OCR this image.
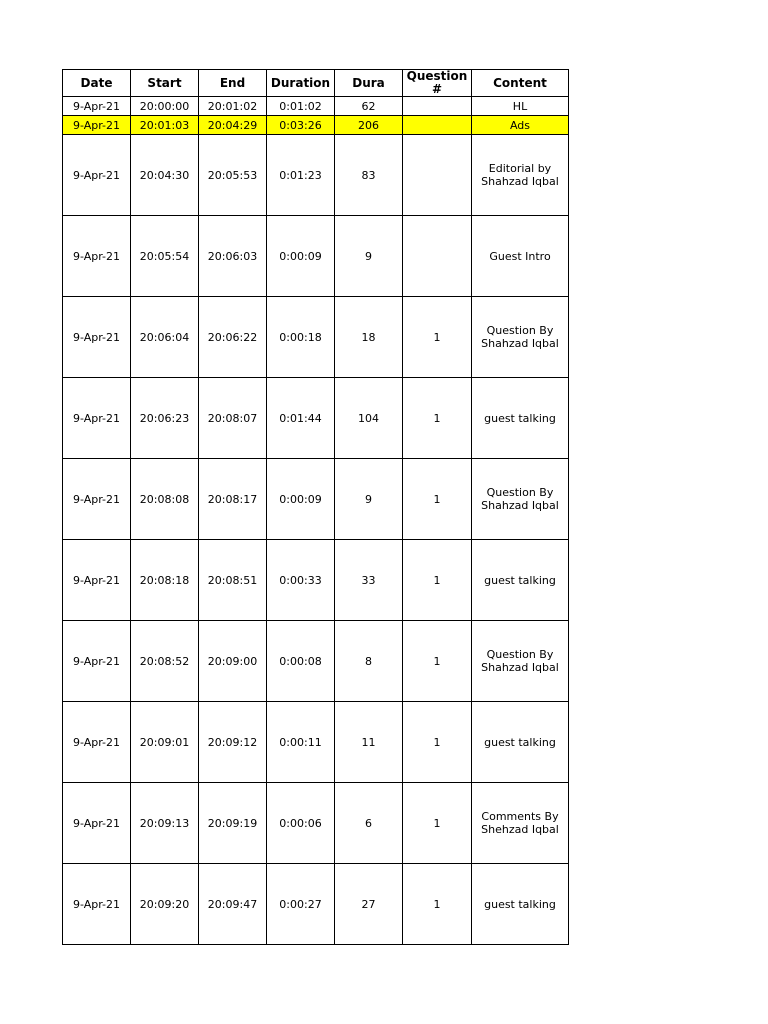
Date	Start	End	Duration	Dura	Question #	Content
9-Apr-21	20:00:00	20:01:02	0:01:02	62		HL
9-Apr-21	20:01:03	20:04:29	0:03:26	206		Ads
9-Apr-21	20:04:30	20:05:53	0:01:23	83		Editorial by
Shahzad Iqbal
9-Apr-21	20:05:54	20:06:03	0:00:09	9		Guest Intro
9-Apr-21	20:06:04	20:06:22	0:00:18	18	1	Question By
Shahzad Iqbal
9-Apr-21	20:06:23	20:08:07	0:01:44	104	1	guest talking
9-Apr-21	20:08:08	20:08:17	0:00:09	9	1	Question By
Shahzad Iqbal
9-Apr-21	20:08:18	20:08:51	0:00:33	33	1	guest talking
9-Apr-21	20:08:52	20:09:00	0:00:08	8	1	Question By
Shahzad Iqbal
9-Apr-21	20:09:01	20:09:12	0:00:11	11	1	guest talking
9-Apr-21	20:09:13	20:09:19	0:00:06	6	1	Comments By
Shehzad Iqbal
9-Apr-21	20:09:20	20:09:47	0:00:27	27	1	guest talking
